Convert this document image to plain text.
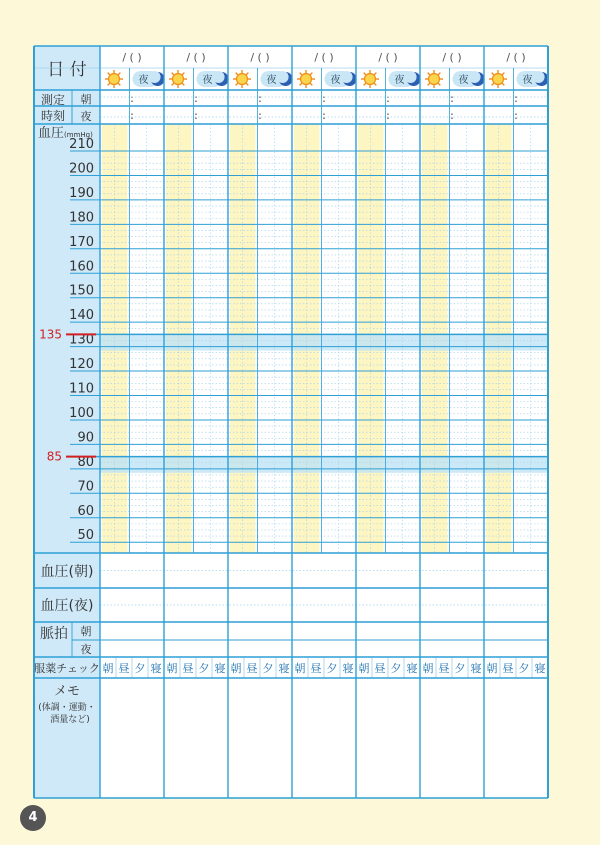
210
200
190
180
170
160
150
140
130
120
110
100
90
80
70
60
50
135
85
血圧(mmHg)
日 付
/ ( )
夜
/ ( )
夜
/ ( )
夜
/ ( )
夜
/ ( )
夜
/ ( )
夜
/ ( )
夜
測定
時刻
朝
夜
:
:
:
:
:
:
:
:
:
:
:
:
:
:
血圧(朝)
血圧(夜)
脈拍 朝
夜
服薬チェック
メモ
(体調・運動・
酒量など)
朝 昼 夕 寝 朝 昼 夕 寝 朝 昼 夕 寝 朝 昼 夕 寝 朝 昼 夕 寝 朝 昼 夕 寝 朝 昼 夕 寝
4
